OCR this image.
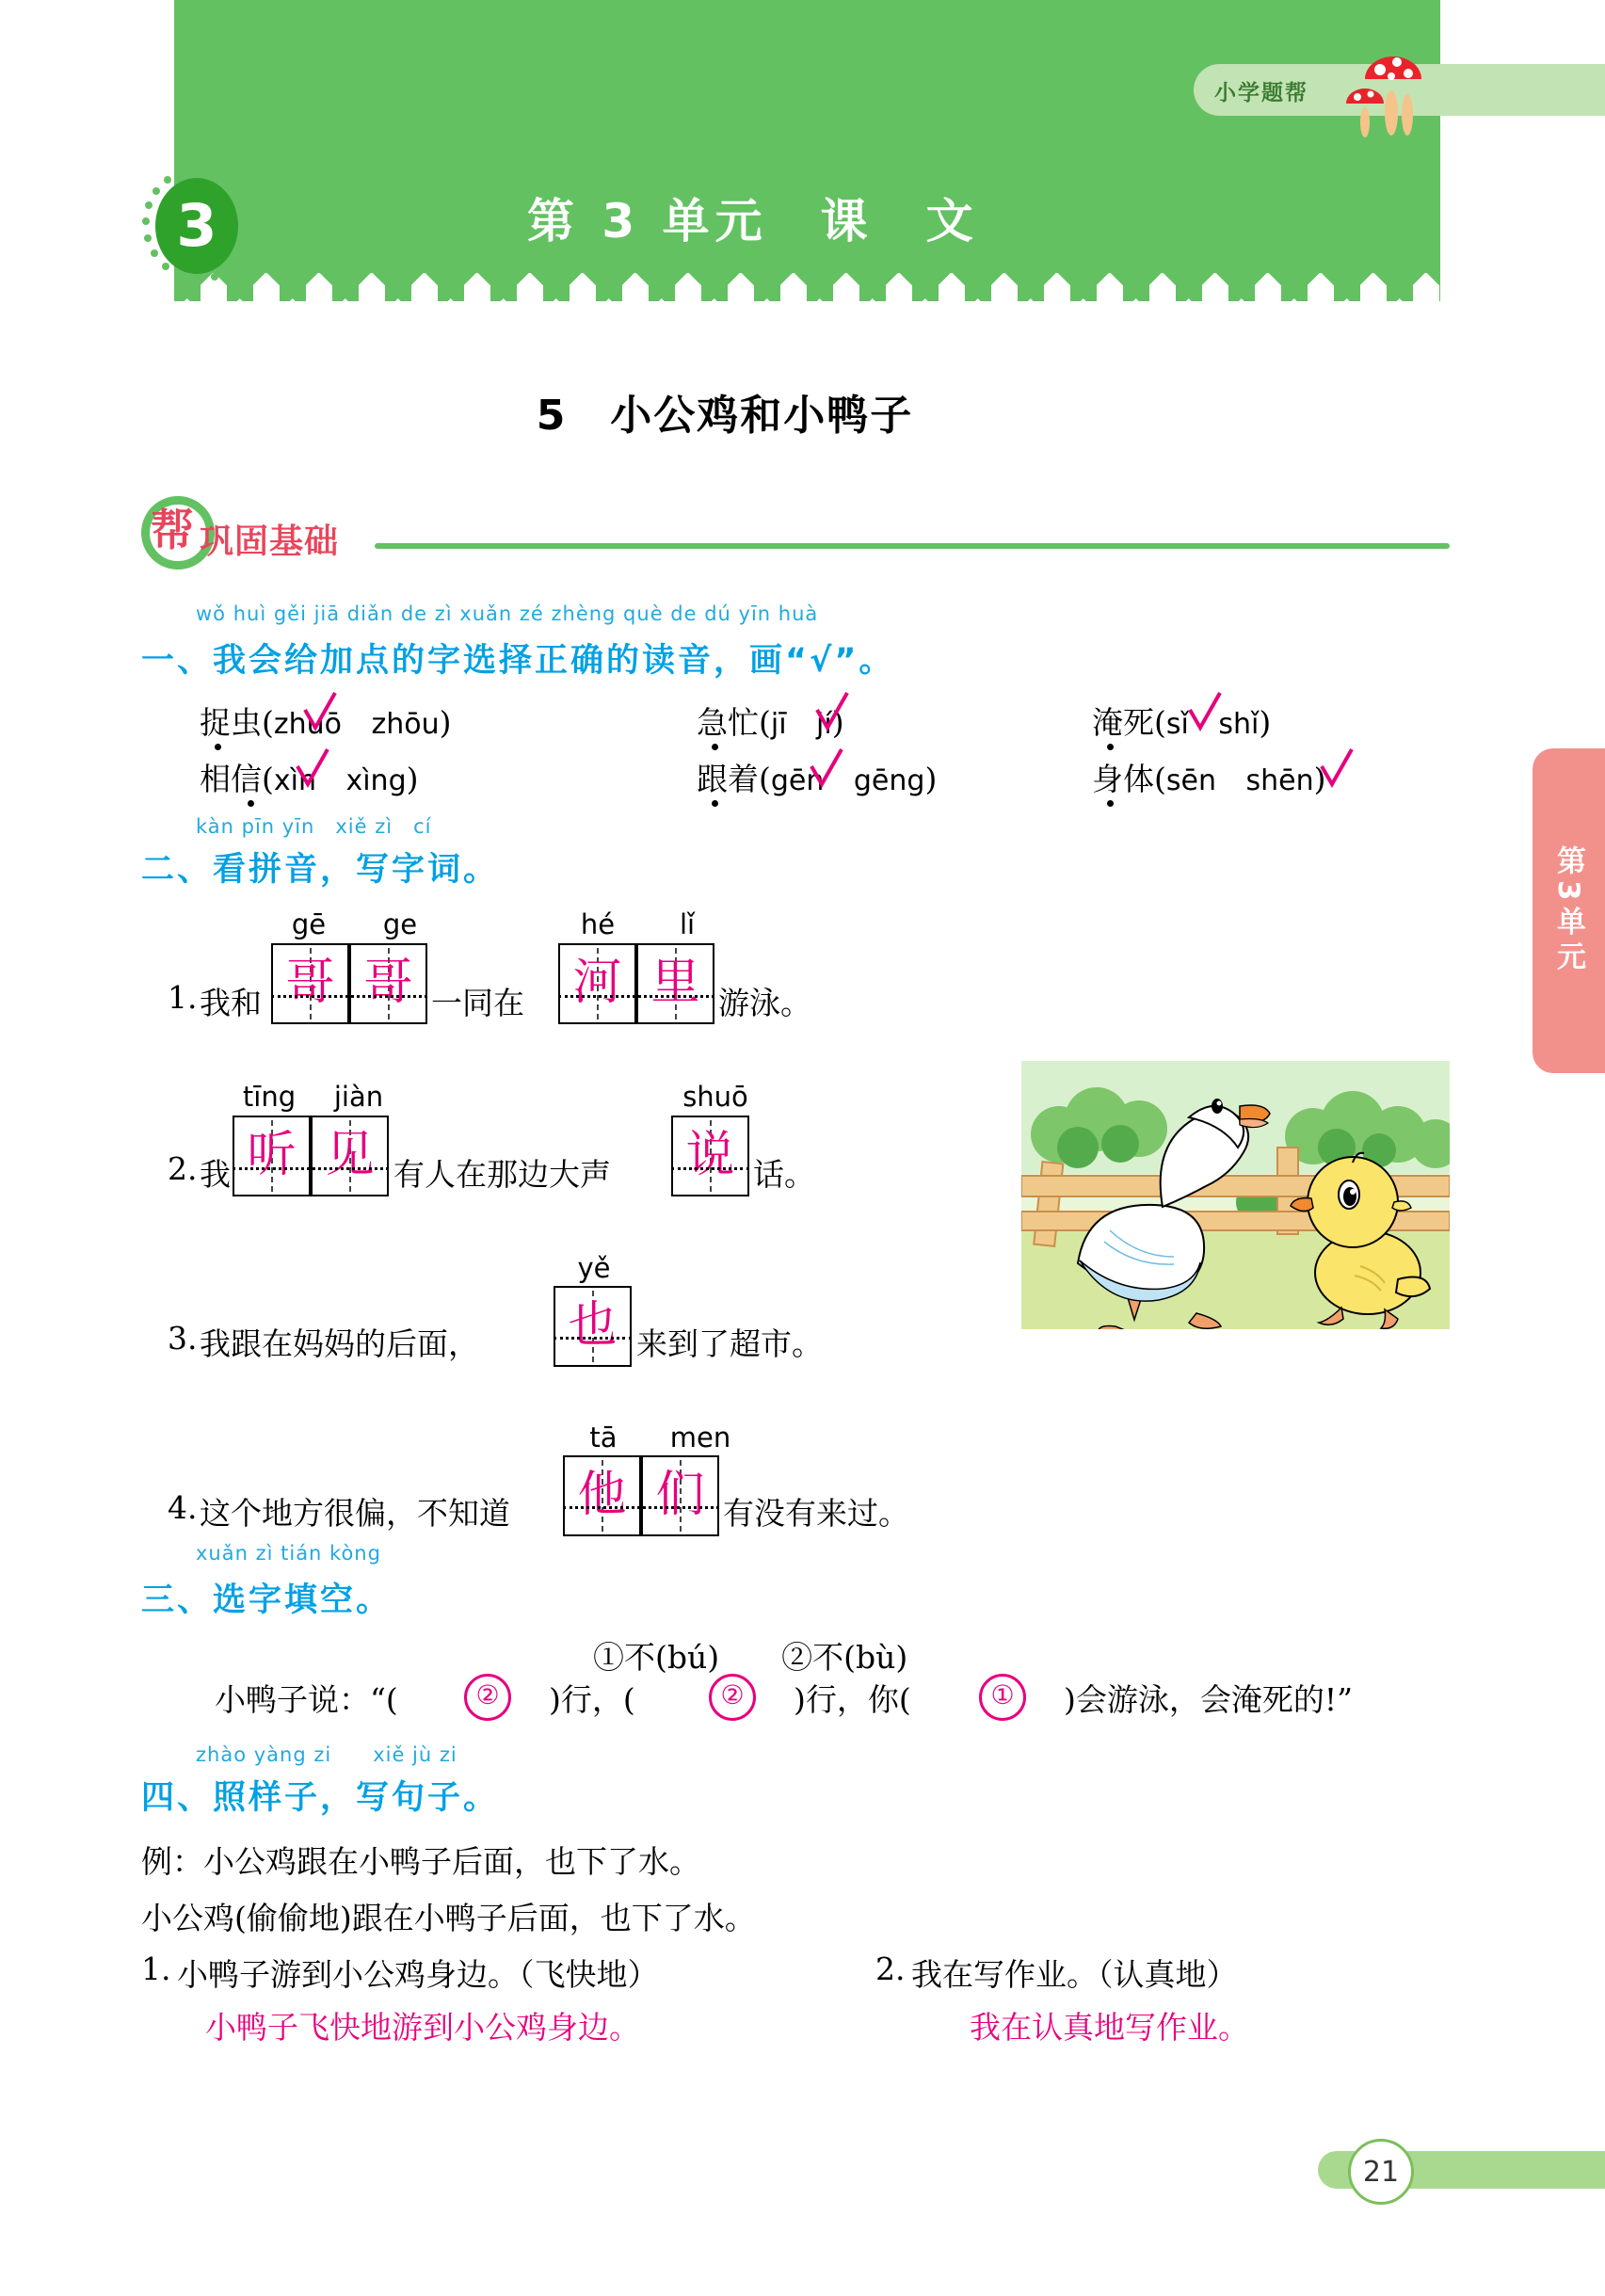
第 3 单元　课　文
3
小学题帮
5　小公鸡和小鸭子
帮 巩固基础
wǒ huì gěi jiā diǎn de zì xuǎn zé zhèng què de dú yīn huà
一、我会给加点的字选择正确的读音，画“√”。
捉虫(zhuō zhōu)	急忙(jī jí)	淹死(sǐ shǐ)
相信(xìn xìng)	跟着(gēn gēng)	身体(sēn shēn)
kàn pīn yīn　xiě zì　cí
二、看拼音，写字词。
gē	ge	hé	lǐ
1. 我和 哥 哥 一同在 河 里 游泳。
tīng	jiàn	shuō
2. 我 听 见 有人在那边大声 说 话。
yě
3. 我跟在妈妈的后面， 也 来到了超市。
tā	men
4. 这个地方很偏，不知道 他 们 有没有来过。
xuǎn zì tián kòng
三、选字填空。
①不(bú)　　②不(bù)
小鸭子说：“(	②	)行，(	②	)行，你(	①	)会游泳，会淹死的!”
zhào yàng zi　　xiě jù zi
四、照样子，写句子。
例：小公鸡跟在小鸭子后面，也下了水。
小公鸡(偷偷地)跟在小鸭子后面，也下了水。
1. 小鸭子游到小公鸡身边。（飞快地）	2. 我在写作业。（认真地）
小鸭子飞快地游到小公鸡身边。	我在认真地写作业。
第3单元
21
